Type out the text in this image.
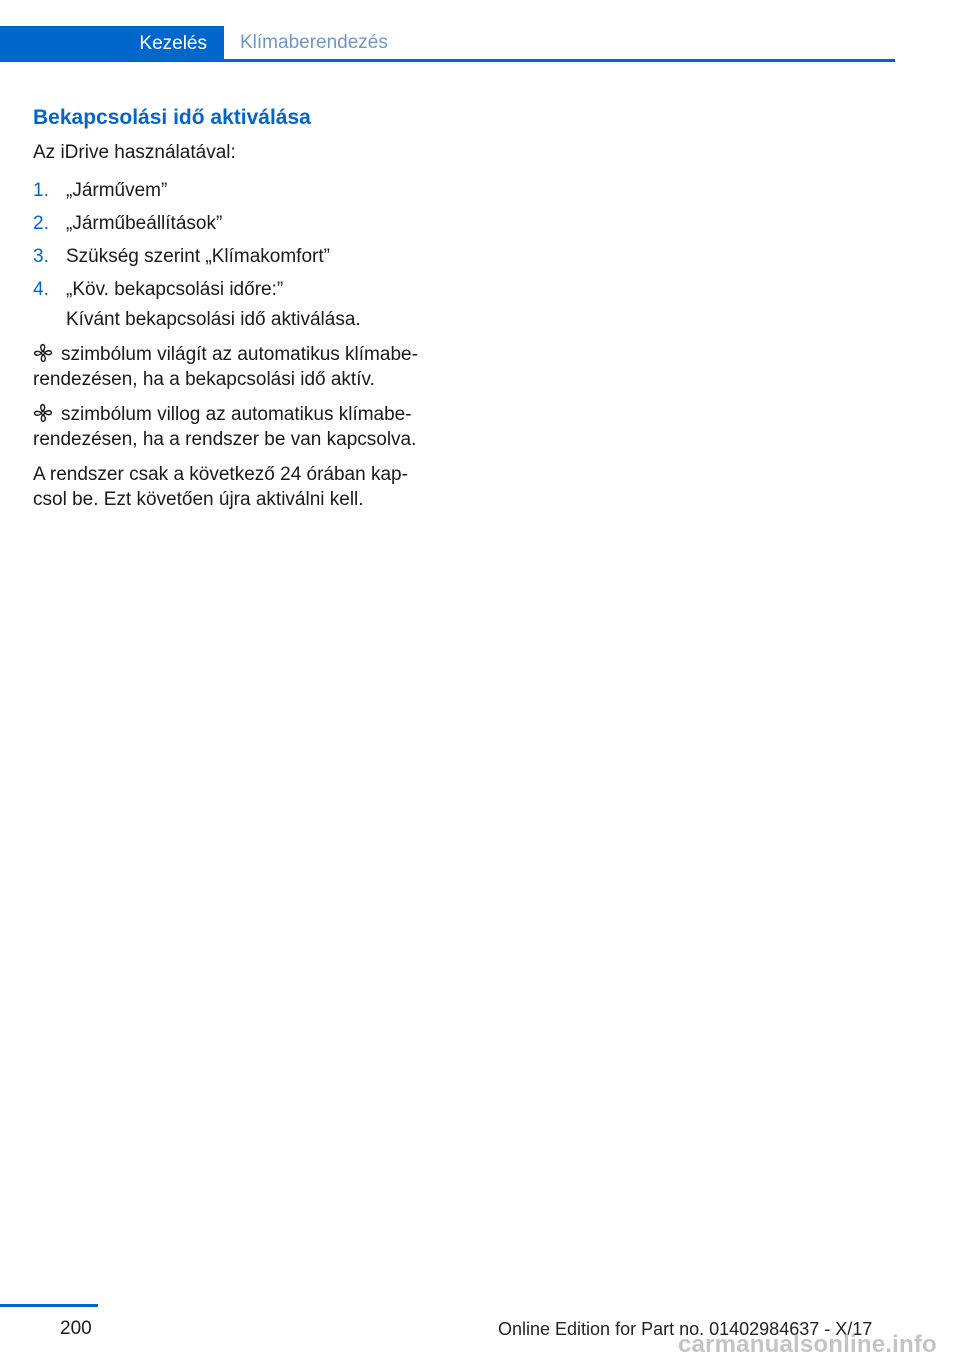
Kezelés	Klímaberendezés
Bekapcsolási idő aktiválása

Az iDrive használatával:

1. „Járművem”
2. „Járműbeállítások”
3. Szükség szerint „Klímakomfort”
4. „Köv. bekapcsolási időre:”

Kívánt bekapcsolási idő aktiválása.

szimbólum világít az automatikus klímabe-rendezésen, ha a bekapcsolási idő aktív.

szimbólum villog az automatikus klímabe-rendezésen, ha a rendszer be van kapcsolva.

A rendszer csak a következő 24 órában kap-csol be. Ezt követően újra aktiválni kell.

200	Online Edition for Part no. 01402984637 - X/17
carmanualsonline.info
